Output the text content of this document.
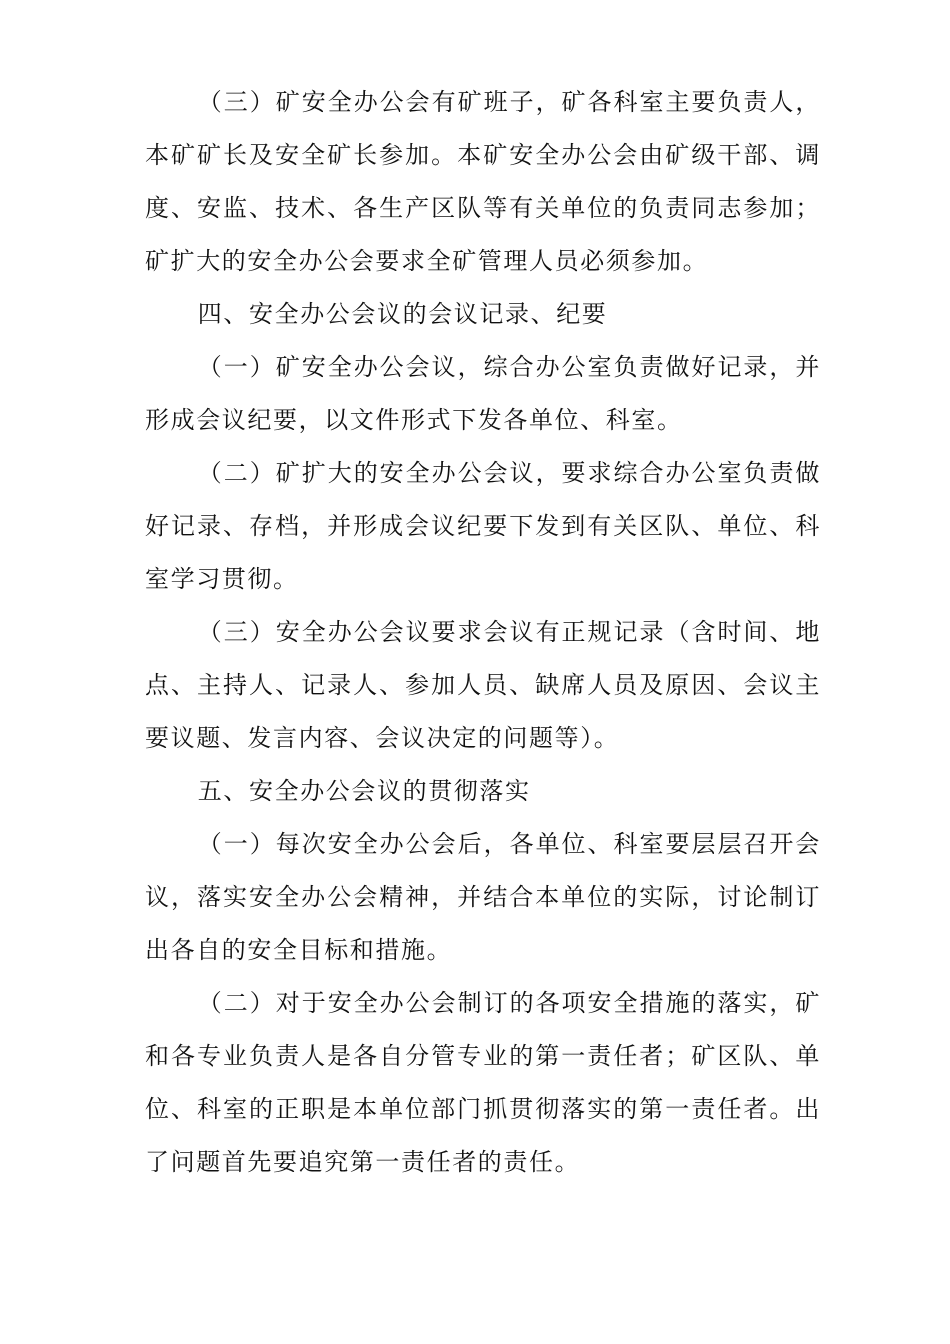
（三）矿安全办公会有矿班子，矿各科室主要负责人，本矿矿长及安全矿长参加。本矿安全办公会由矿级干部、调度、安监、技术、各生产区队等有关单位的负责同志参加；矿扩大的安全办公会要求全矿管理人员必须参加。

四、安全办公会议的会议记录、纪要

（一）矿安全办公会议，综合办公室负责做好记录，并形成会议纪要，以文件形式下发各单位、科室。

（二）矿扩大的安全办公会议，要求综合办公室负责做好记录、存档，并形成会议纪要下发到有关区队、单位、科室学习贯彻。

（三）安全办公会议要求会议有正规记录（含时间、地点、主持人、记录人、参加人员、缺席人员及原因、会议主要议题、发言内容、会议决定的问题等）。

五、安全办公会议的贯彻落实

（一）每次安全办公会后，各单位、科室要层层召开会议，落实安全办公会精神，并结合本单位的实际，讨论制订出各自的安全目标和措施。

（二）对于安全办公会制订的各项安全措施的落实，矿和各专业负责人是各自分管专业的第一责任者；矿区队、单位、科室的正职是本单位部门抓贯彻落实的第一责任者。出了问题首先要追究第一责任者的责任。
